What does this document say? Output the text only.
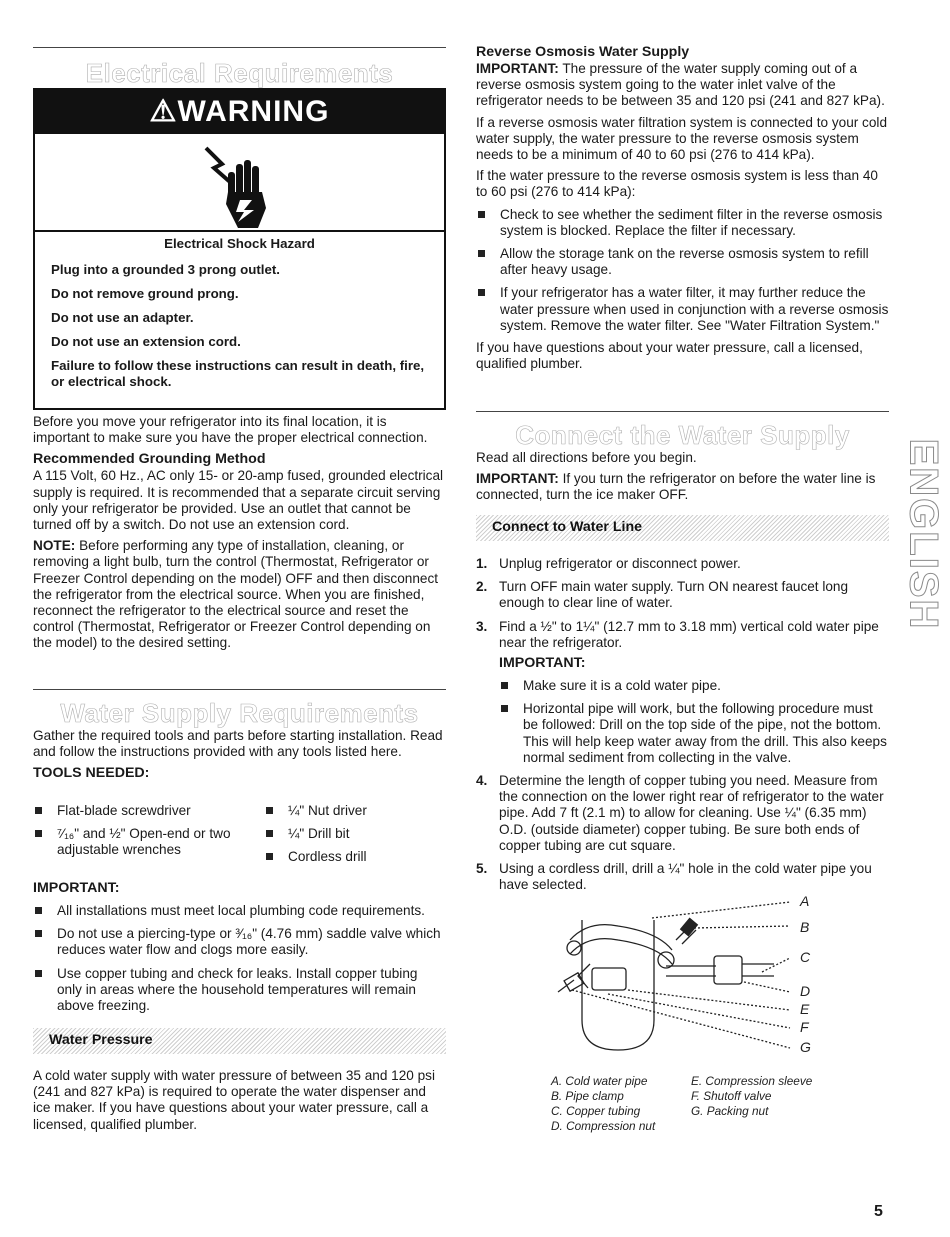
Electrical Requirements
⚠WARNING

Electrical Shock Hazard

Plug into a grounded 3 prong outlet.

Do not remove ground prong.

Do not use an adapter.

Do not use an extension cord.

Failure to follow these instructions can result in death, fire, or electrical shock.

Before you move your refrigerator into its final location, it is important to make sure you have the proper electrical connection.

Recommended Grounding Method

A 115 Volt, 60 Hz., AC only 15- or 20-amp fused, grounded electrical supply is required. It is recommended that a separate circuit serving only your refrigerator be provided. Use an outlet that cannot be turned off by a switch. Do not use an extension cord.

NOTE: Before performing any type of installation, cleaning, or removing a light bulb, turn the control (Thermostat, Refrigerator or Freezer Control depending on the model) OFF and then disconnect the refrigerator from the electrical source. When you are finished, reconnect the refrigerator to the electrical source and reset the control (Thermostat, Refrigerator or Freezer Control depending on the model) to the desired setting.

Water Supply Requirements

Gather the required tools and parts before starting installation. Read and follow the instructions provided with any tools listed here.

TOOLS NEEDED:

Flat-blade screwdriver
⁷⁄₁₆" and ½" Open-end or two adjustable wrenches
¼" Nut driver
¼" Drill bit
Cordless drill

IMPORTANT:

All installations must meet local plumbing code requirements.
Do not use a piercing-type or ³⁄₁₆" (4.76 mm) saddle valve which reduces water flow and clogs more easily.
Use copper tubing and check for leaks. Install copper tubing only in areas where the household temperatures will remain above freezing.
Water Pressure

A cold water supply with water pressure of between 35 and 120 psi (241 and 827 kPa) is required to operate the water dispenser and ice maker. If you have questions about your water pressure, call a licensed, qualified plumber.

Reverse Osmosis Water Supply

IMPORTANT: The pressure of the water supply coming out of a reverse osmosis system going to the water inlet valve of the refrigerator needs to be between 35 and 120 psi (241 and 827 kPa).

If a reverse osmosis water filtration system is connected to your cold water supply, the water pressure to the reverse osmosis system needs to be a minimum of 40 to 60 psi (276 to 414 kPa).

If the water pressure to the reverse osmosis system is less than 40 to 60 psi (276 to 414 kPa):

Check to see whether the sediment filter in the reverse osmosis system is blocked. Replace the filter if necessary.
Allow the storage tank on the reverse osmosis system to refill after heavy usage.
If your refrigerator has a water filter, it may further reduce the water pressure when used in conjunction with a reverse osmosis system. Remove the water filter. See "Water Filtration System."

If you have questions about your water pressure, call a licensed, qualified plumber.

Connect the Water Supply

Read all directions before you begin.

IMPORTANT: If you turn the refrigerator on before the water line is connected, turn the ice maker OFF.

Connect to Water Line
1. Unplug refrigerator or disconnect power.
2. Turn OFF main water supply. Turn ON nearest faucet long enough to clear line of water.
3. Find a ½" to 1¼" (12.7 mm to 3.18 mm) vertical cold water pipe near the refrigerator.

IMPORTANT:

Make sure it is a cold water pipe.
Horizontal pipe will work, but the following procedure must be followed: Drill on the top side of the pipe, not the bottom. This will help keep water away from the drill. This also keeps normal sediment from collecting in the valve.
4. Determine the length of copper tubing you need. Measure from the connection on the lower right rear of refrigerator to the water pipe. Add 7 ft (2.1 m) to allow for cleaning. Use ¼" (6.35 mm) O.D. (outside diameter) copper tubing. Be sure both ends of copper tubing are cut square.
5. Using a cordless drill, drill a ¼" hole in the cold water pipe you have selected.
A
B
C
D
E
F
G
A. Cold water pipe
B. Pipe clamp
C. Copper tubing
D. Compression nut
E. Compression sleeve
F. Shutoff valve
G. Packing nut
ENGLISH
5
